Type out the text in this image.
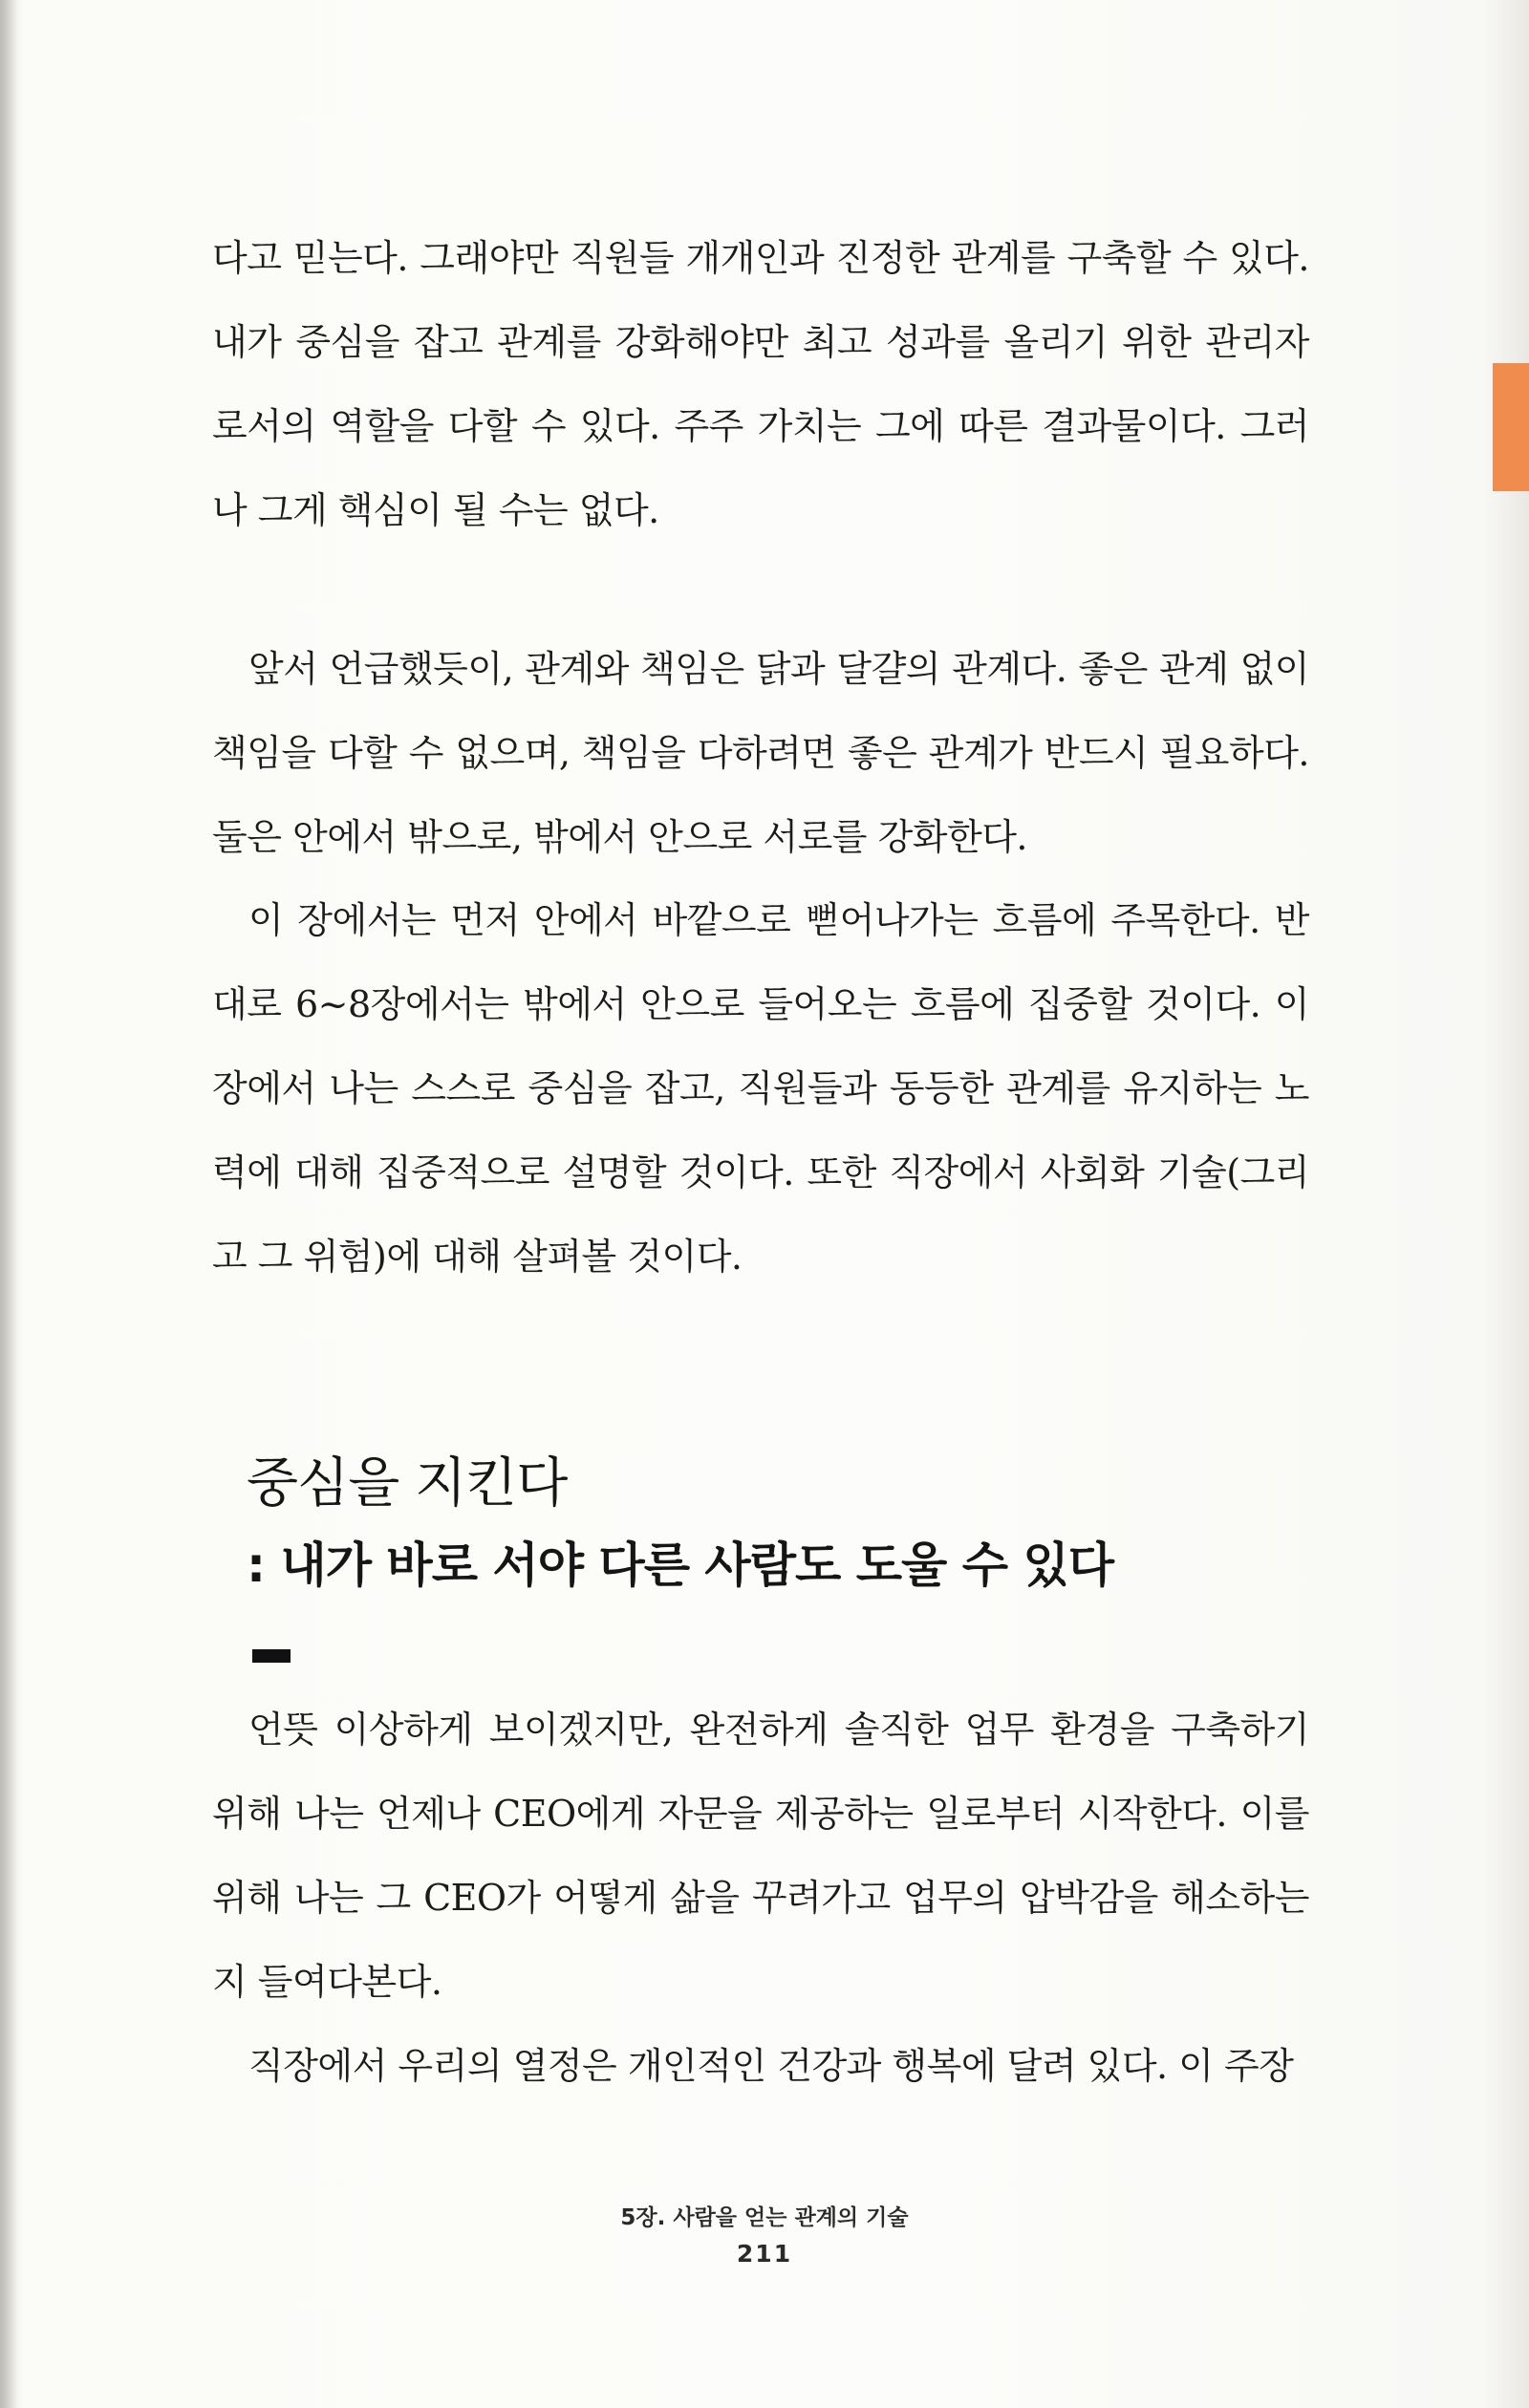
다고 믿는다. 그래야만 직원들 개개인과 진정한 관계를 구축할 수 있다. 내가 중심을 잡고 관계를 강화해야만 최고 성과를 올리기 위한 관리자로서의 역할을 다할 수 있다. 주주 가치는 그에 따른 결과물이다. 그러나 그게 핵심이 될 수는 없다.

앞서 언급했듯이, 관계와 책임은 닭과 달걀의 관계다. 좋은 관계 없이 책임을 다할 수 없으며, 책임을 다하려면 좋은 관계가 반드시 필요하다. 둘은 안에서 밖으로, 밖에서 안으로 서로를 강화한다.

이 장에서는 먼저 안에서 바깥으로 뻗어나가는 흐름에 주목한다. 반대로 6~8장에서는 밖에서 안으로 들어오는 흐름에 집중할 것이다. 이 장에서 나는 스스로 중심을 잡고, 직원들과 동등한 관계를 유지하는 노력에 대해 집중적으로 설명할 것이다. 또한 직장에서 사회화 기술(그리고 그 위험)에 대해 살펴볼 것이다.

중심을 지킨다
: 내가 바로 서야 다른 사람도 도울 수 있다

언뜻 이상하게 보이겠지만, 완전하게 솔직한 업무 환경을 구축하기 위해 나는 언제나 CEO에게 자문을 제공하는 일로부터 시작한다. 이를 위해 나는 그 CEO가 어떻게 삶을 꾸려가고 업무의 압박감을 해소하는지 들여다본다.

직장에서 우리의 열정은 개인적인 건강과 행복에 달려 있다. 이 주장

5장. 사람을 얻는 관계의 기술

211
